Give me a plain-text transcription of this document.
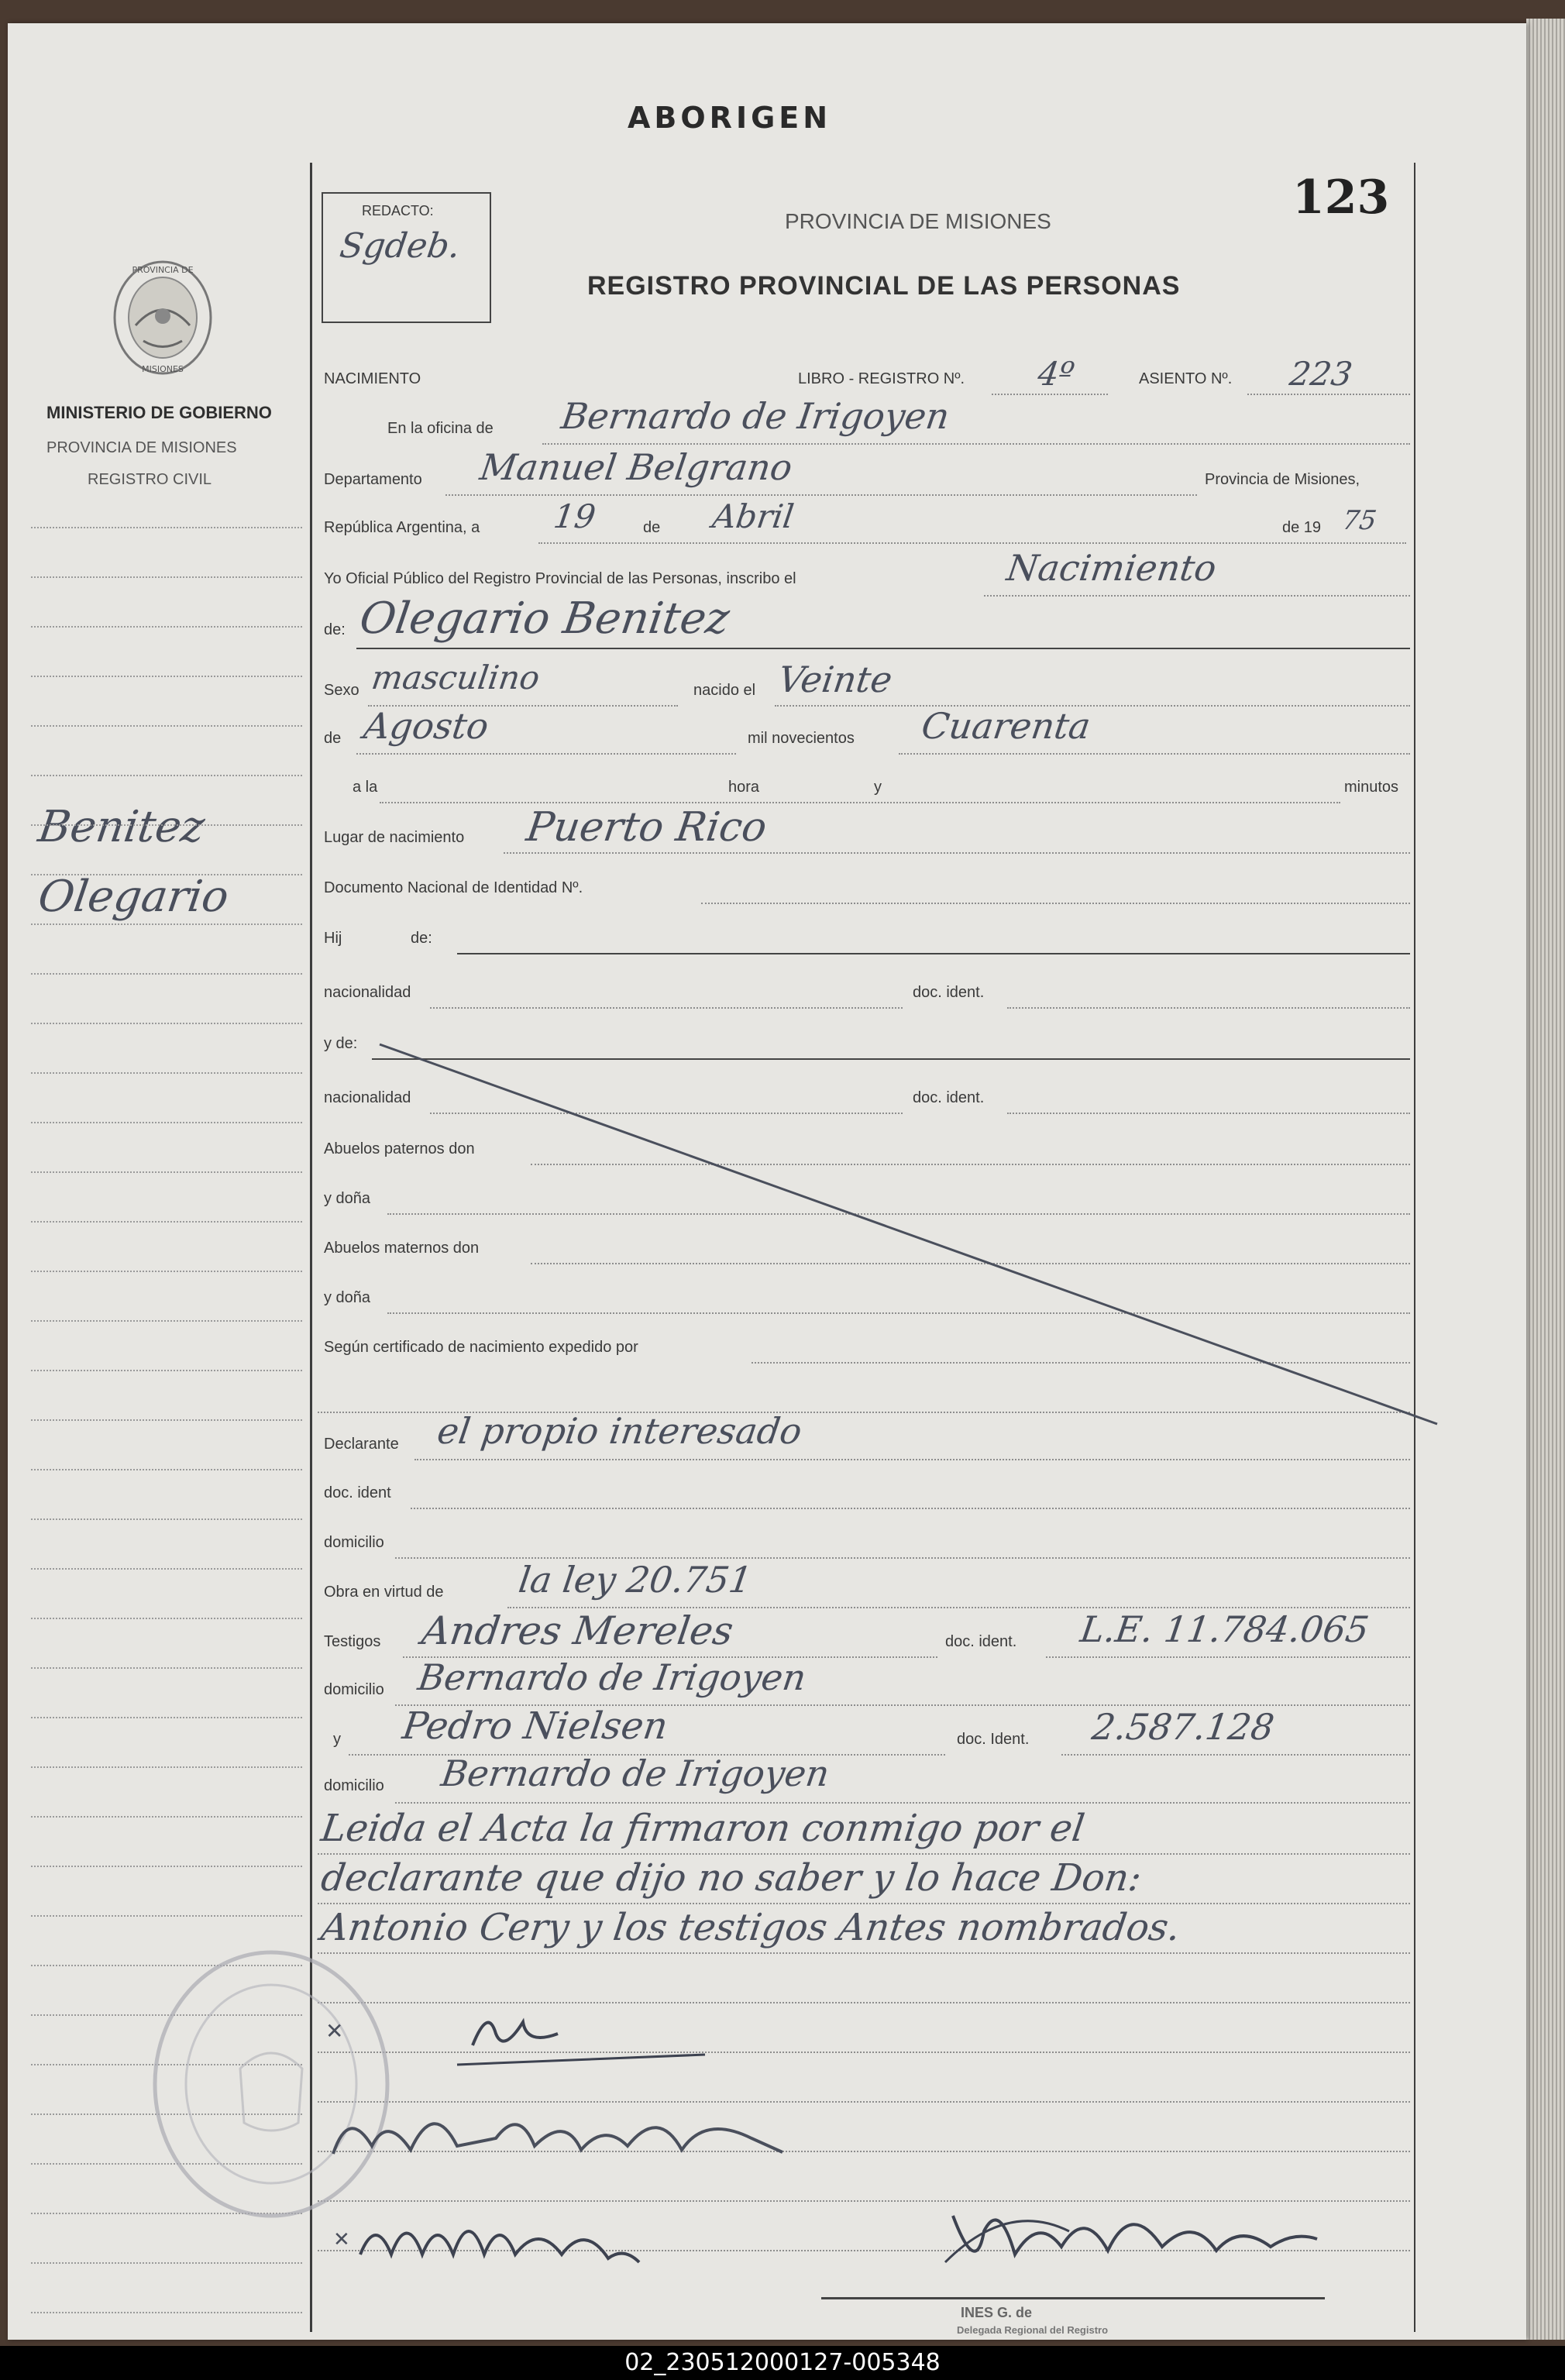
ABORIGEN
REDACTO:
Sgdeb.
PROVINCIA DE MISIONES	123
REGISTRO PROVINCIAL DE LAS PERSONAS
PROVINCIA DE
MISIONES
MINISTERIO DE GOBIERNO
PROVINCIA DE MISIONES
REGISTRO CIVIL
Benitez
Olegario
NACIMIENTO	LIBRO - REGISTRO Nº. 4º	ASIENTO Nº. 223
En la oficina de Bernardo de Irigoyen
Departamento Manuel Belgrano	Provincia de Misiones,
República Argentina, a 19	de Abril	de 19 75
Yo Oficial Público del Registro Provincial de las Personas, inscribo el	Nacimiento
de: Olegario Benitez
Sexo masculino	nacido el Veinte
de Agosto	mil novecientos Cuarenta
a la	hora	y	minutos
Lugar de nacimiento Puerto Rico
Documento Nacional de Identidad Nº.
Hij	de:
nacionalidad	doc. ident.
y de:
nacionalidad	doc. ident.
Abuelos paternos don
y doña
Abuelos maternos don
y doña
Según certificado de nacimiento expedido por
Declarante el propio interesado
doc. ident
domicilio
Obra en virtud de la ley 20.751
Testigos Andres Mereles	doc. ident. L.E. 11.784.065
domicilio Bernardo de Irigoyen
y Pedro Nielsen	doc. Ident. 2.587.128
domicilio Bernardo de Irigoyen
Leida el Acta la firmaron conmigo por el
declarante que dijo no saber y lo hace Don:
Antonio Cery y los testigos Antes nombrados.
✕
✕
INES G. de
Delegada Regional del Registro
02_230512000127-005348
